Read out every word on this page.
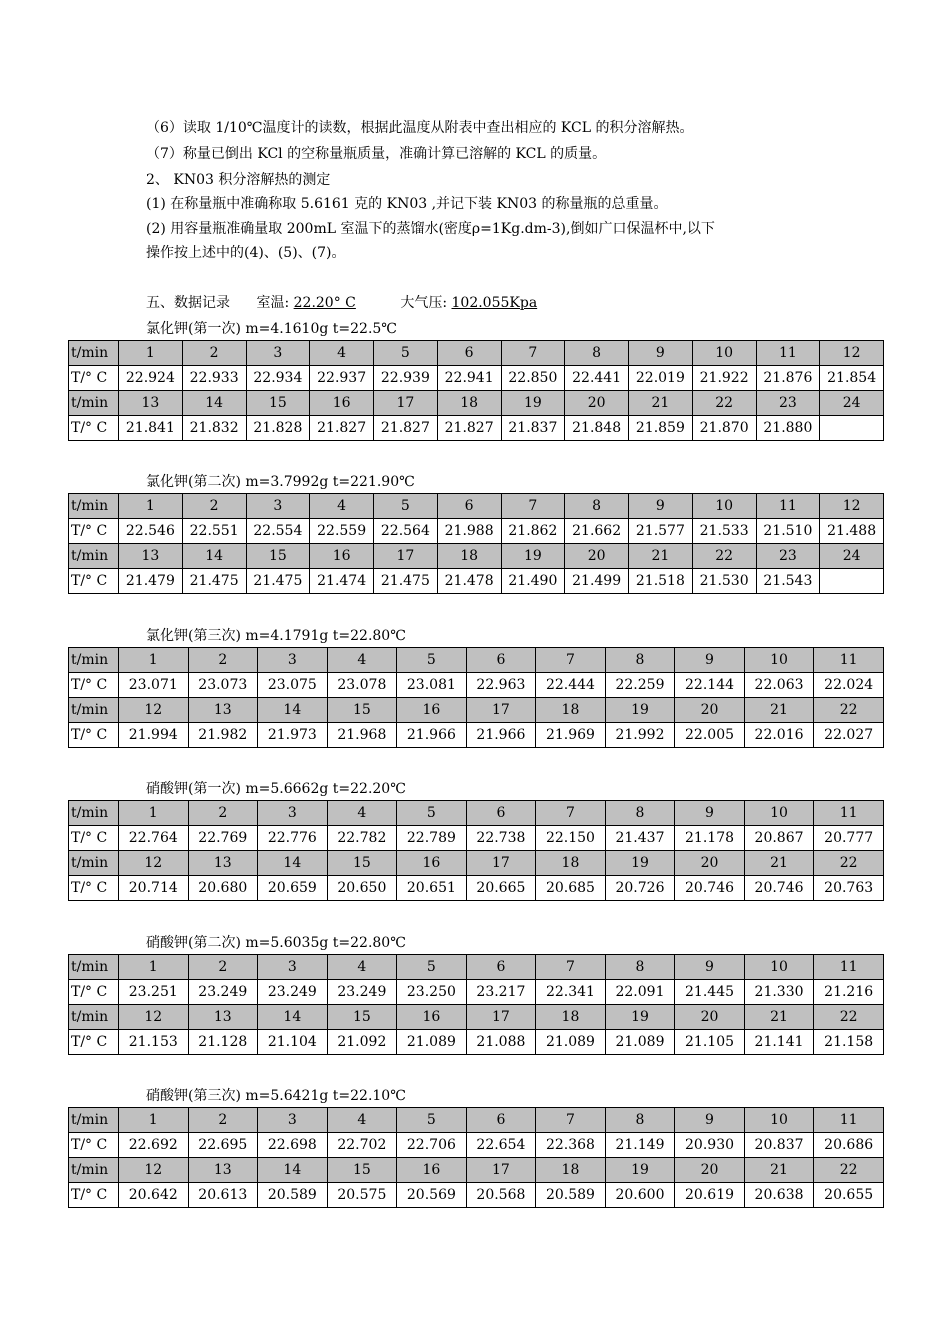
（6）读取 1/10℃温度计的读数，根据此温度从附表中查出相应的 KCL 的积分溶解热。
（7）称量已倒出 KCl 的空称量瓶质量，准确计算已溶解的 KCL 的质量。
2、 KN03 积分溶解热的测定
(1) 在称量瓶中准确称取 5.6161 克的 KN03 ,并记下装 KN03 的称量瓶的总重量。
(2) 用容量瓶准确量取 200mL 室温下的蒸馏水(密度ρ=1Kg.dm-3),倒如广口保温杯中,以下
操作按上述中的(4)、(5)、(7)。
五、数据记录 室温: 22.20° C	大气压: 102.055Kpa
氯化钾(第一次) m=4.1610g t=22.5℃
t/min	1	2	3	4	5	6	7	8	9	10	11	12
T/° C	22.924	22.933	22.934	22.937	22.939	22.941	22.850	22.441	22.019	21.922	21.876	21.854
t/min	13	14	15	16	17	18	19	20	21	22	23	24
T/° C	21.841	21.832	21.828	21.827	21.827	21.827	21.837	21.848	21.859	21.870	21.880	
氯化钾(第二次) m=3.7992g t=221.90℃
t/min	1	2	3	4	5	6	7	8	9	10	11	12
T/° C	22.546	22.551	22.554	22.559	22.564	21.988	21.862	21.662	21.577	21.533	21.510	21.488
t/min	13	14	15	16	17	18	19	20	21	22	23	24
T/° C	21.479	21.475	21.475	21.474	21.475	21.478	21.490	21.499	21.518	21.530	21.543	
氯化钾(第三次) m=4.1791g t=22.80℃
t/min	1	2	3	4	5	6	7	8	9	10	11
T/° C	23.071	23.073	23.075	23.078	23.081	22.963	22.444	22.259	22.144	22.063	22.024
t/min	12	13	14	15	16	17	18	19	20	21	22
T/° C	21.994	21.982	21.973	21.968	21.966	21.966	21.969	21.992	22.005	22.016	22.027
硝酸钾(第一次) m=5.6662g t=22.20℃
t/min	1	2	3	4	5	6	7	8	9	10	11
T/° C	22.764	22.769	22.776	22.782	22.789	22.738	22.150	21.437	21.178	20.867	20.777
t/min	12	13	14	15	16	17	18	19	20	21	22
T/° C	20.714	20.680	20.659	20.650	20.651	20.665	20.685	20.726	20.746	20.746	20.763
硝酸钾(第二次) m=5.6035g t=22.80℃
t/min	1	2	3	4	5	6	7	8	9	10	11
T/° C	23.251	23.249	23.249	23.249	23.250	23.217	22.341	22.091	21.445	21.330	21.216
t/min	12	13	14	15	16	17	18	19	20	21	22
T/° C	21.153	21.128	21.104	21.092	21.089	21.088	21.089	21.089	21.105	21.141	21.158
硝酸钾(第三次) m=5.6421g t=22.10℃
t/min	1	2	3	4	5	6	7	8	9	10	11
T/° C	22.692	22.695	22.698	22.702	22.706	22.654	22.368	21.149	20.930	20.837	20.686
t/min	12	13	14	15	16	17	18	19	20	21	22
T/° C	20.642	20.613	20.589	20.575	20.569	20.568	20.589	20.600	20.619	20.638	20.655
